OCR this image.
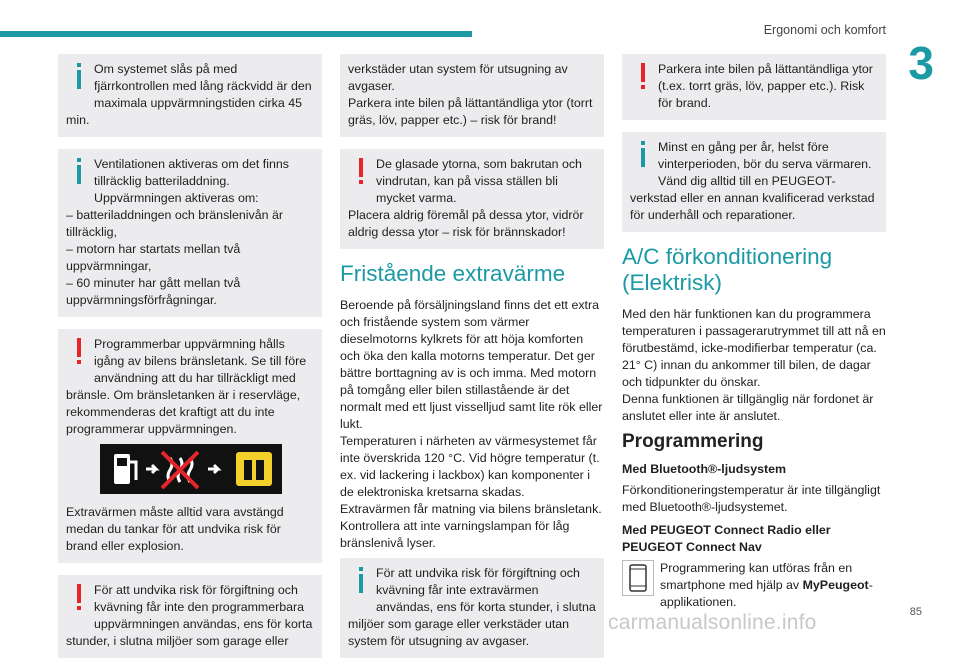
Ergonomi och komfort
3

Om systemet slås på med fjärrkontrollen med lång räckvidd är den maximala uppvärmningstiden cirka 45 min.

Ventilationen aktiveras om det finns tillräcklig batteriladdning.

Uppvärmningen aktiveras om:

– batteriladdningen och bränslenivån är tillräcklig,

– motorn har startats mellan två uppvärmningar,

– 60 minuter har gått mellan två uppvärmningsförfrågningar.

Programmerbar uppvärmning hålls igång av bilens bränsletank. Se till före användning att du har tillräckligt med bränsle. Om bränsletanken är i reservläge, rekommenderas det kraftigt att du inte programmerar uppvärmningen.

Extravärmen måste alltid vara avstängd medan du tankar för att undvika risk för brand eller explosion.

För att undvika risk för förgiftning och kvävning får inte den programmerbara uppvärmningen användas, ens för korta stunder, i slutna miljöer som garage eller

verkstäder utan system för utsugning av avgaser.

Parkera inte bilen på lättantändliga ytor (torrt gräs, löv, papper etc.) – risk för brand!

De glasade ytorna, som bakrutan och vindrutan, kan på vissa ställen bli mycket varma.

Placera aldrig föremål på dessa ytor, vidrör aldrig dessa ytor – risk för brännskador!

Fristående extravärme

Beroende på försäljningsland finns det ett extra och fristående system som värmer dieselmotorns kylkrets för att höja komforten och öka den kalla motorns temperatur. Det ger bättre borttagning av is och imma. Med motorn på tomgång eller bilen stillastående är det normalt med ett ljust visselljud samt lite rök eller lukt.

Temperaturen i närheten av värmesystemet får inte överskrida 120 °C. Vid högre temperatur (t. ex. vid lackering i lackbox) kan komponenter i de elektroniska kretsarna skadas.

Extravärmen får matning via bilens bränsletank. Kontrollera att inte varningslampan för låg bränslenivå lyser.

För att undvika risk för förgiftning och kvävning får inte extravärmen användas, ens för korta stunder, i slutna miljöer som garage eller verkstäder utan system för utsugning av avgaser.

Parkera inte bilen på lättantändliga ytor (t.ex. torrt gräs, löv, papper etc.). Risk för brand.

Minst en gång per år, helst före vinterperioden, bör du serva värmaren.

Vänd dig alltid till en PEUGEOT-verkstad eller en annan kvalificerad verkstad för underhåll och reparationer.

A/C förkonditionering (Elektrisk)

Med den här funktionen kan du programmera temperaturen i passagerarutrymmet till att nå en förutbestämd, icke-modifierbar temperatur (ca. 21° C) innan du ankommer till bilen, de dagar och tidpunkter du önskar.

Denna funktionen är tillgänglig när fordonet är anslutet eller inte är anslutet.

Programmering
Med Bluetooth®-ljudsystem

Förkonditioneringstemperatur är inte tillgängligt med Bluetooth®-ljudsystemet.

Med PEUGEOT Connect Radio eller PEUGEOT Connect Nav
Programmering kan utföras från en smartphone med hjälp av MyPeugeot-applikationen.
carmanualsonline.info	85
